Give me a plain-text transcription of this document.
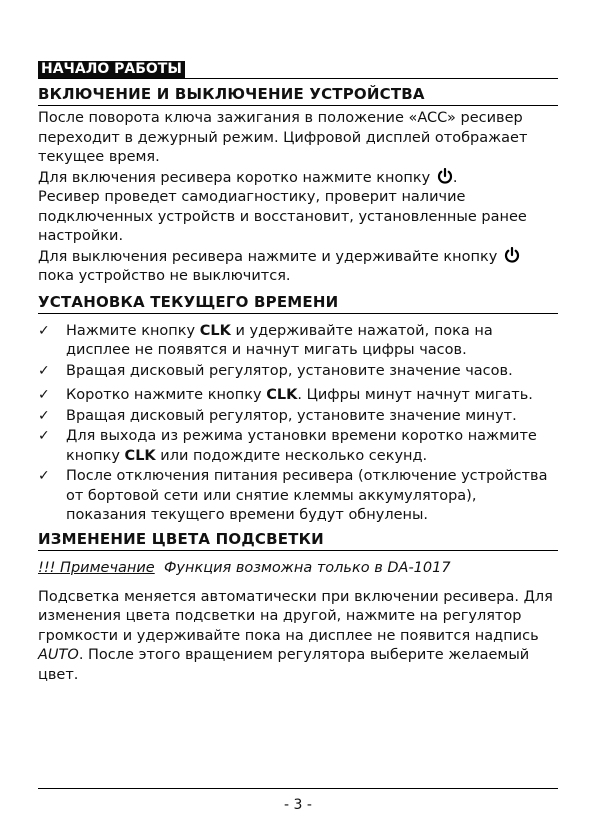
НАЧАЛО РАБОТЫ
ВКЛЮЧЕНИЕ И ВЫКЛЮЧЕНИЕ УСТРОЙСТВА

После поворота ключа зажигания в положение «ACC» ресивер переходит в дежурный режим. Цифровой дисплей отображает текущее время.

Для включения ресивера коротко нажмите кнопку .

Ресивер проведет самодиагностику, проверит наличие подключенных устройств и восстановит, установленные ранее настройки.

Для выключения ресивера нажмите и удерживайте кнопку
пока устройство не выключится.

УСТАНОВКА ТЕКУЩЕГО ВРЕМЕНИ
✓ Нажмите кнопку CLK и удерживайте нажатой, пока на дисплее не появятся и начнут мигать цифры часов.
✓ Вращая дисковый регулятор, установите значение часов.
✓ Коротко нажмите кнопку CLK. Цифры минут начнут мигать.
✓ Вращая дисковый регулятор, установите значение минут.
✓ Для выхода из режима установки времени коротко нажмите кнопку CLK или подождите несколько секунд.
✓ После отключения питания ресивера (отключение устройства от бортовой сети или снятие клеммы аккумулятора), показания текущего времени будут обнулены.
ИЗМЕНЕНИЕ ЦВЕТА ПОДСВЕТКИ
!!! Примечание Функция возможна только в DA-1017

Подсветка меняется автоматически при включении ресивера. Для изменения цвета подсветки на другой, нажмите на регулятор громкости и удерживайте пока на дисплее не появится надпись AUTO. После этого вращением регулятора выберите желаемый цвет.

- 3 -
